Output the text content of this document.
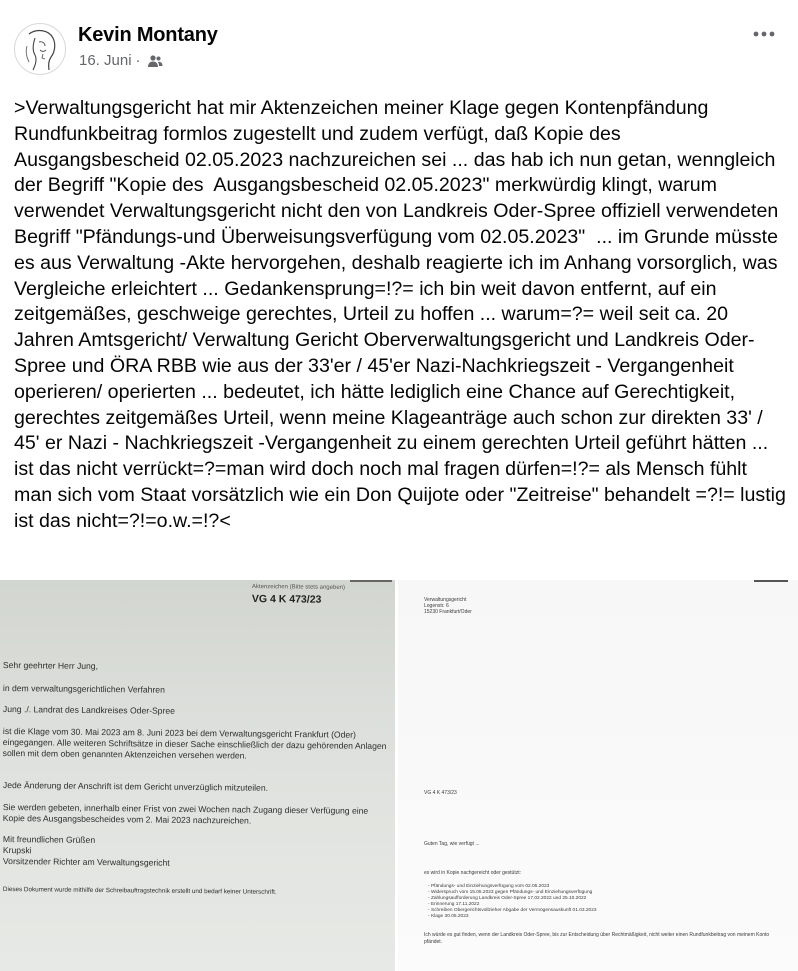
Kevin Montany
16. Juni ·
>Verwaltungsgericht hat mir Aktenzeichen meiner Klage gegen Kontenpfändung Rundfunkbeitrag formlos zugestellt und zudem verfügt, daß Kopie des Ausgangsbescheid 02.05.2023 nachzureichen sei ... das hab ich nun getan, wenngleich der Begriff "Kopie des  Ausgangsbescheid 02.05.2023" merkwürdig klingt, warum verwendet Verwaltungsgericht nicht den von Landkreis Oder-Spree offiziell verwendeten Begriff "Pfändungs-und Überweisungsverfügung vom 02.05.2023"  ... im Grunde müsste es aus Verwaltung -Akte hervorgehen, deshalb reagierte ich im Anhang vorsorglich, was Vergleiche erleichtert ... Gedankensprung=!?= ich bin weit davon entfernt, auf ein zeitgemäßes, geschweige gerechtes, Urteil zu hoffen ... warum=?= weil seit ca. 20 Jahren Amtsgericht/ Verwaltung Gericht Oberverwaltungsgericht und Landkreis Oder-Spree und ÖRA RBB wie aus der 33'er / 45'er Nazi-Nachkriegszeit - Vergangenheit operieren/ operierten ... bedeutet, ich hätte lediglich eine Chance auf Gerechtigkeit, gerechtes zeitgemäßes Urteil, wenn meine Klageanträge auch schon zur direkten 33' / 45' er Nazi - Nachkriegszeit -Vergangenheit zu einem gerechten Urteil geführt hätten ... ist das nicht verrückt=?=man wird doch noch mal fragen dürfen=!?= als Mensch fühlt man sich vom Staat vorsätzlich wie ein Don Quijote oder "Zeitreise" behandelt =?!= lustig ist das nicht=?!=o.w.=!?<
Aktenzeichen (Bitte stets angeben)
VG 4 K 473/23
Sehr geehrter Herr Jung,
in dem verwaltungsgerichtlichen Verfahren
Jung ./. Landrat des Landkreises Oder-Spree
ist die Klage vom 30. Mai 2023 am 8. Juni 2023 bei dem Verwaltungsgericht Frankfurt (Oder) eingegangen. Alle weiteren Schriftsätze in dieser Sache einschließlich der dazu gehörenden Anlagen sollen mit dem oben genannten Aktenzeichen versehen werden.
Jede Änderung der Anschrift ist dem Gericht unverzüglich mitzuteilen.
Sie werden gebeten, innerhalb einer Frist von zwei Wochen nach Zugang dieser Verfügung eine Kopie des Ausgangsbescheides vom 2. Mai 2023 nachzureichen.
Mit freundlichen Grüßen
Krupski
Vorsitzender Richter am Verwaltungsgericht
Dieses Dokument wurde mithilfe der Schreibauftragstechnik erstellt und bedarf keiner Unterschrift.
Verwaltungsgericht
Logenstr. 6
15230 Frankfurt/Oder
VG 4 K 473/23
Guten Tag, wie verfügt ...
es wird in Kopie nachgereicht oder gestützt:
- Pfändungs- und Einziehungsverfügung vom 02.05.2023
- Widerspruch vom 15.05.2023 gegen Pfändungs- und Einziehungsverfügung
- Zahlungsaufforderung Landkreis Oder-Spree 17.02.2022 und 25.10.2022
- Erinnerung 17.11.2022
- Schreiben Obergerichtsvollzieher Abgabe der Vermögensauskunft 01.03.2023
- Klage 30.05.2023
Ich würde es gut finden, wenn der Landkreis Oder-Spree, bis zur Entscheidung über Rechtmäßigkeit, nicht weiter einen Rundfunkbeitrag von meinem Konto pfändet.
